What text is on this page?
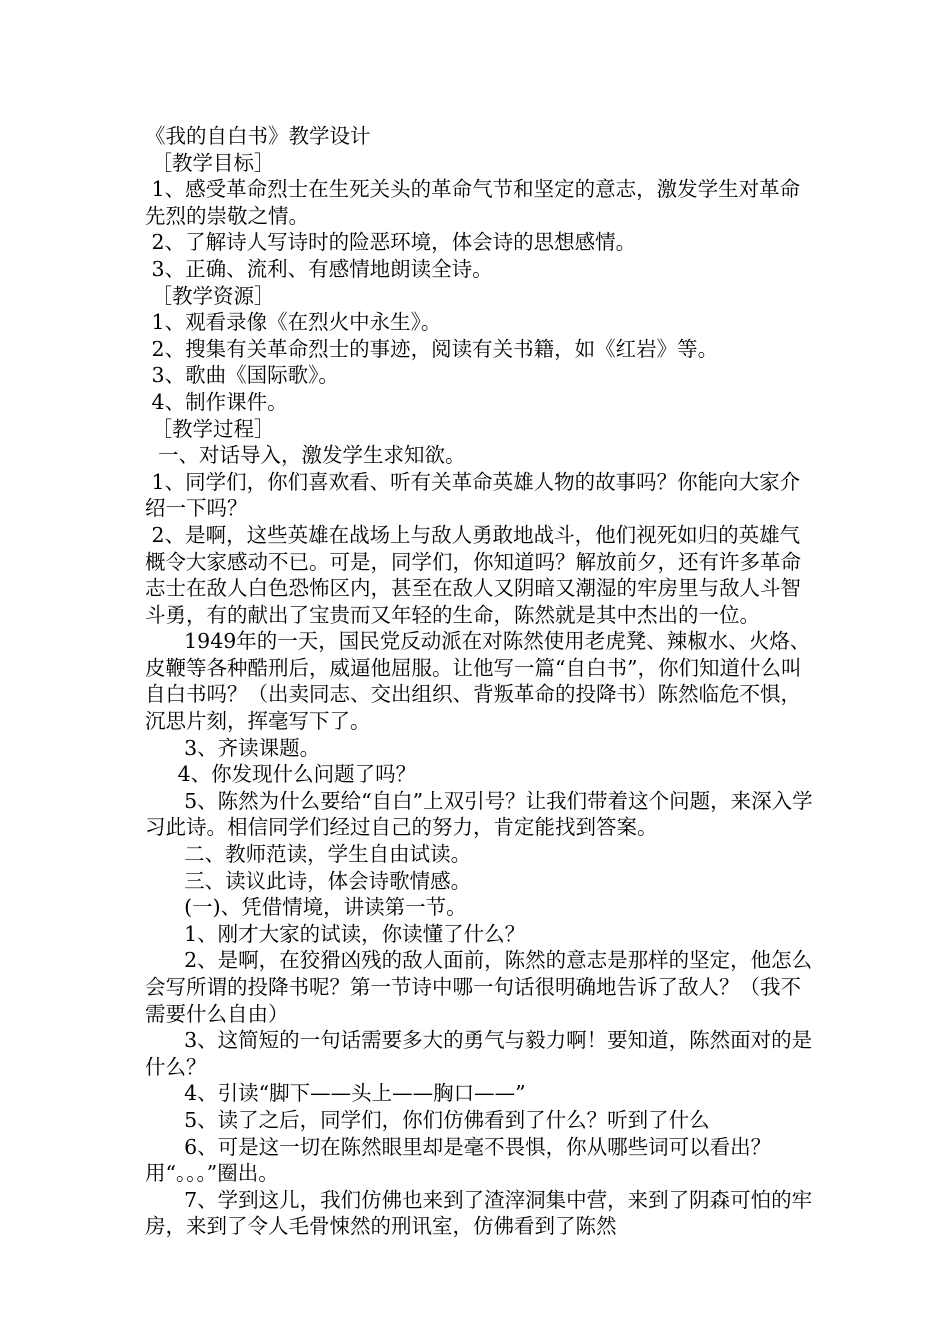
《我的自白书》教学设计

［教学目标］

1、感受革命烈士在生死关头的革命气节和坚定的意志，激发学生对革命先烈的崇敬之情。

2、了解诗人写诗时的险恶环境，体会诗的思想感情。

3、正确、流利、有感情地朗读全诗。

［教学资源］

1、观看录像《在烈火中永生》。

2、搜集有关革命烈士的事迹，阅读有关书籍，如《红岩》等。

3、歌曲《国际歌》。

4、制作课件。

［教学过程］

一、对话导入，激发学生求知欲。

1、同学们，你们喜欢看、听有关革命英雄人物的故事吗？你能向大家介绍一下吗？

2、是啊，这些英雄在战场上与敌人勇敢地战斗，他们视死如归的英雄气概令大家感动不已。可是，同学们，你知道吗？解放前夕，还有许多革命志士在敌人白色恐怖区内，甚至在敌人又阴暗又潮湿的牢房里与敌人斗智斗勇，有的献出了宝贵而又年轻的生命，陈然就是其中杰出的一位。

1949年的一天，国民党反动派在对陈然使用老虎凳、辣椒水、火烙、皮鞭等各种酷刑后，威逼他屈服。让他写一篇“自白书”，你们知道什么叫自白书吗？（出卖同志、交出组织、背叛革命的投降书）陈然临危不惧，沉思片刻，挥毫写下了。

3、齐读课题。

4、你发现什么问题了吗？

5、陈然为什么要给“自白”上双引号？让我们带着这个问题，来深入学习此诗。相信同学们经过自己的努力，肯定能找到答案。

二、教师范读，学生自由试读。

三、读议此诗，体会诗歌情感。

(一)、凭借情境，讲读第一节。

1、刚才大家的试读，你读懂了什么？

2、是啊，在狡猾凶残的敌人面前，陈然的意志是那样的坚定，他怎么会写所谓的投降书呢？第一节诗中哪一句话很明确地告诉了敌人？（我不需要什么自由）

3、这简短的一句话需要多大的勇气与毅力啊！要知道，陈然面对的是什么？

4、引读“脚下——头上——胸口——”

5、读了之后，同学们，你们仿佛看到了什么？听到了什么

6、可是这一切在陈然眼里却是毫不畏惧，你从哪些词可以看出？用“。。。”圈出。

7、学到这儿，我们仿佛也来到了渣滓洞集中营，来到了阴森可怕的牢房，来到了令人毛骨悚然的刑讯室，仿佛看到了陈然
